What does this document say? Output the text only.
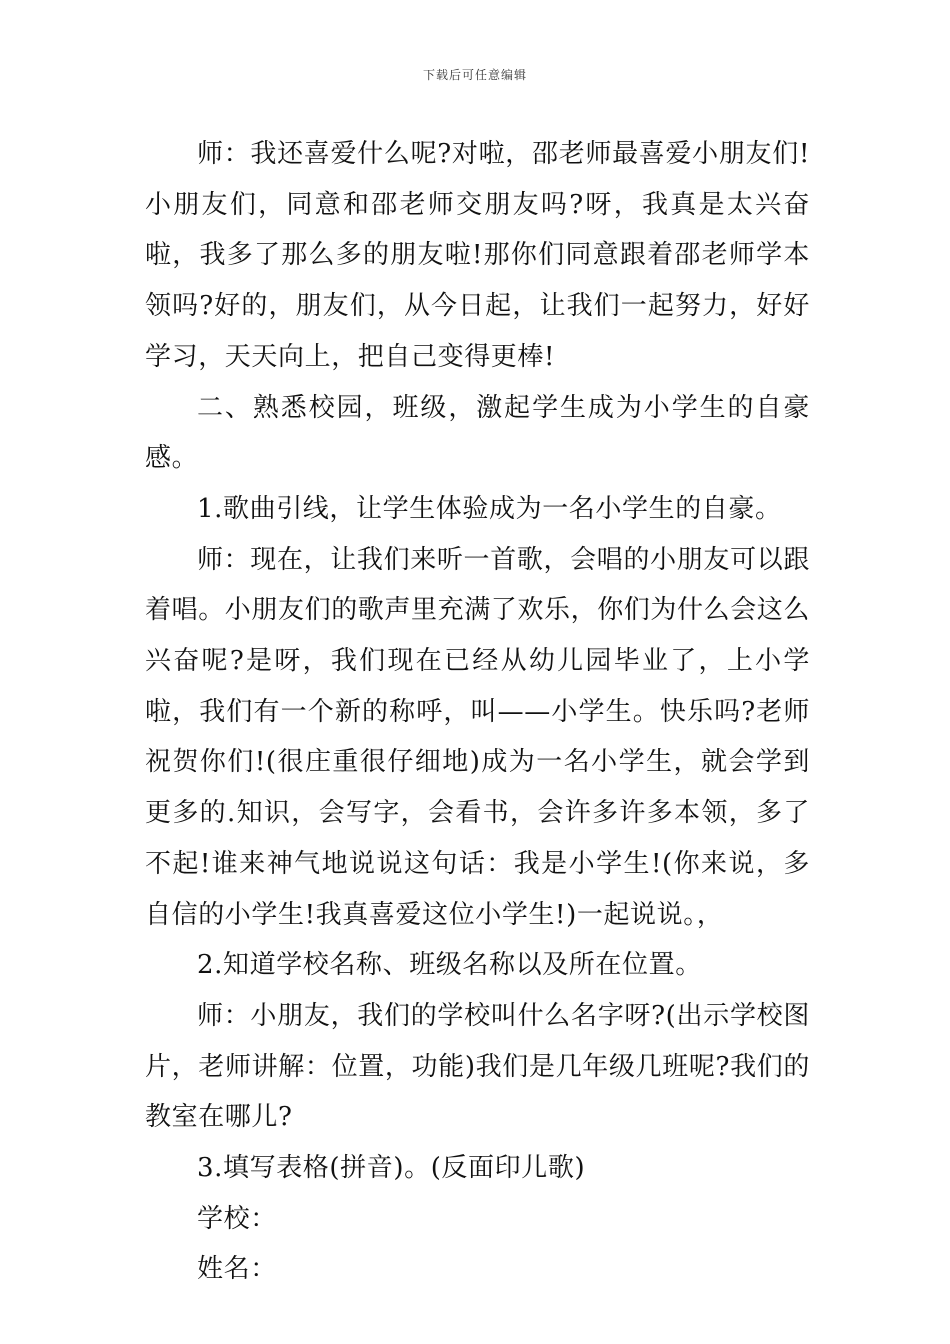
下载后可任意编辑

师：我还喜爱什么呢?对啦，邵老师最喜爱小朋友们!小朋友们，同意和邵老师交朋友吗?呀，我真是太兴奋啦，我多了那么多的朋友啦!那你们同意跟着邵老师学本领吗?好的，朋友们，从今日起，让我们一起努力，好好学习，天天向上，把自己变得更棒!

二、熟悉校园，班级，激起学生成为小学生的自豪感。

1.歌曲引线，让学生体验成为一名小学生的自豪。

师：现在，让我们来听一首歌，会唱的小朋友可以跟着唱。小朋友们的歌声里充满了欢乐，你们为什么会这么兴奋呢?是呀，我们现在已经从幼儿园毕业了，上小学啦，我们有一个新的称呼，叫——小学生。快乐吗?老师祝贺你们!(很庄重很仔细地)成为一名小学生，就会学到更多的.知识，会写字，会看书，会许多许多本领，多了不起!谁来神气地说说这句话：我是小学生!(你来说，多自信的小学生!我真喜爱这位小学生!)一起说说。，

2.知道学校名称、班级名称以及所在位置。

师：小朋友，我们的学校叫什么名字呀?(出示学校图片，老师讲解：位置，功能)我们是几年级几班呢?我们的教室在哪儿?

3.填写表格(拼音)。(反面印儿歌)

学校：

姓名：
